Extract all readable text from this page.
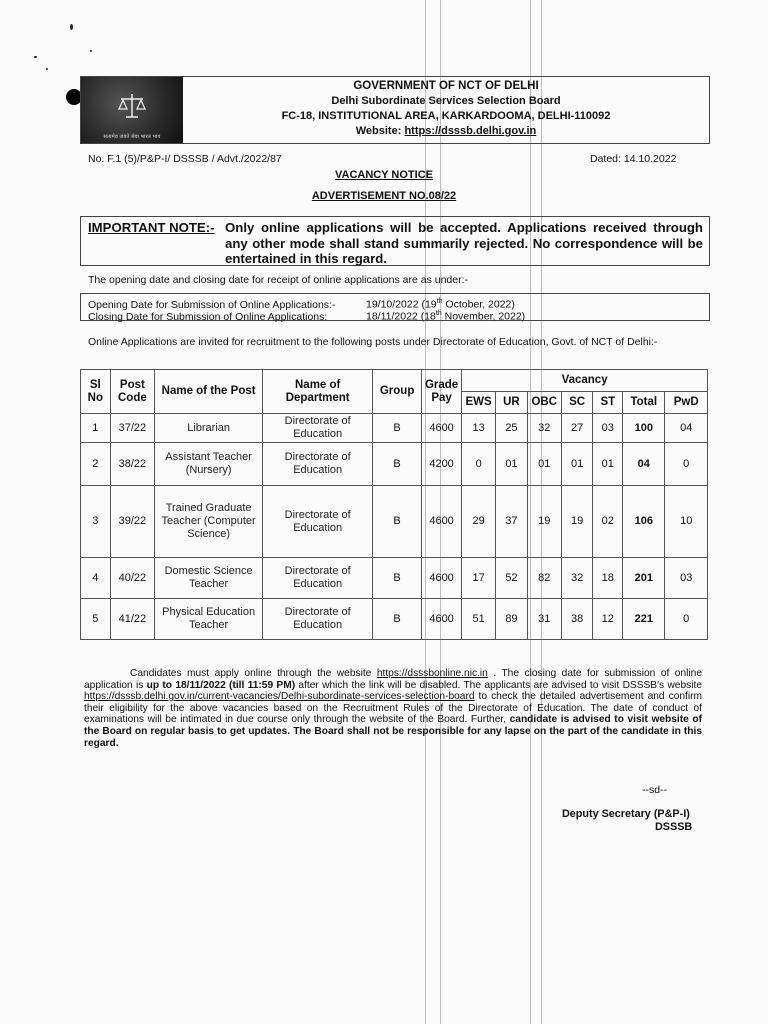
सत्यमेव जयते सेवा भारत भाव
GOVERNMENT OF NCT OF DELHI
Delhi Subordinate Services Selection Board
FC-18, INSTITUTIONAL AREA, KARKARDOOMA, DELHI-110092
Website: https://dsssb.delhi.gov.in
No. F.1 (5)/P&P-I/ DSSSB / Advt./2022/87	Dated: 14.10.2022
VACANCY NOTICE
ADVERTISEMENT NO.08/22
IMPORTANT NOTE:- Only online applications will be accepted. Applications received through any other mode shall stand summarily rejected. No correspondence will be entertained in this regard.
The opening date and closing date for receipt of online applications are as under:-
Opening Date for Submission of Online Applications:-	19/10/2022 (19th October, 2022)
Closing Date for Submission of Online Applications:	18/11/2022 (18th November, 2022)
Online Applications are invited for recruitment to the following posts under Directorate of Education, Govt. of NCT of Delhi:-
Sl No	Post Code	Name of the Post	Name of Department	Group	Grade Pay	Vacancy						
						EWS	UR	OBC	SC	ST	Total	PwD
1	37/22	Librarian	Directorate of Education	B	4600	13	25	32	27	03	100	04
2	38/22	Assistant Teacher (Nursery)	Directorate of Education	B	4200	0	01	01	01	01	04	0
3	39/22	Trained Graduate Teacher (Computer Science)	Directorate of Education	B	4600	29	37	19	19	02	106	10
4	40/22	Domestic Science Teacher	Directorate of Education	B	4600	17	52	82	32	18	201	03
5	41/22	Physical Education Teacher	Directorate of Education	B	4600	51	89	31	38	12	221	0
Candidates must apply online through the website https://dsssbonline.nic.in . The closing date for submission of online application is up to 18/11/2022 (till 11:59 PM) after which the link will be disabled. The applicants are advised to visit DSSSB's website https://dsssb.delhi.gov.in/current-vacancies/Delhi-subordinate-services-selection-board to check the detailed advertisement and confirm their eligibility for the above vacancies based on the Recruitment Rules of the Directorate of Education. The date of conduct of examinations will be intimated in due course only through the website of the Board. Further, candidate is advised to visit website of the Board on regular basis to get updates. The Board shall not be responsible for any lapse on the part of the candidate in this regard.
--sd--
Deputy Secretary (P&P-I)
DSSSB
